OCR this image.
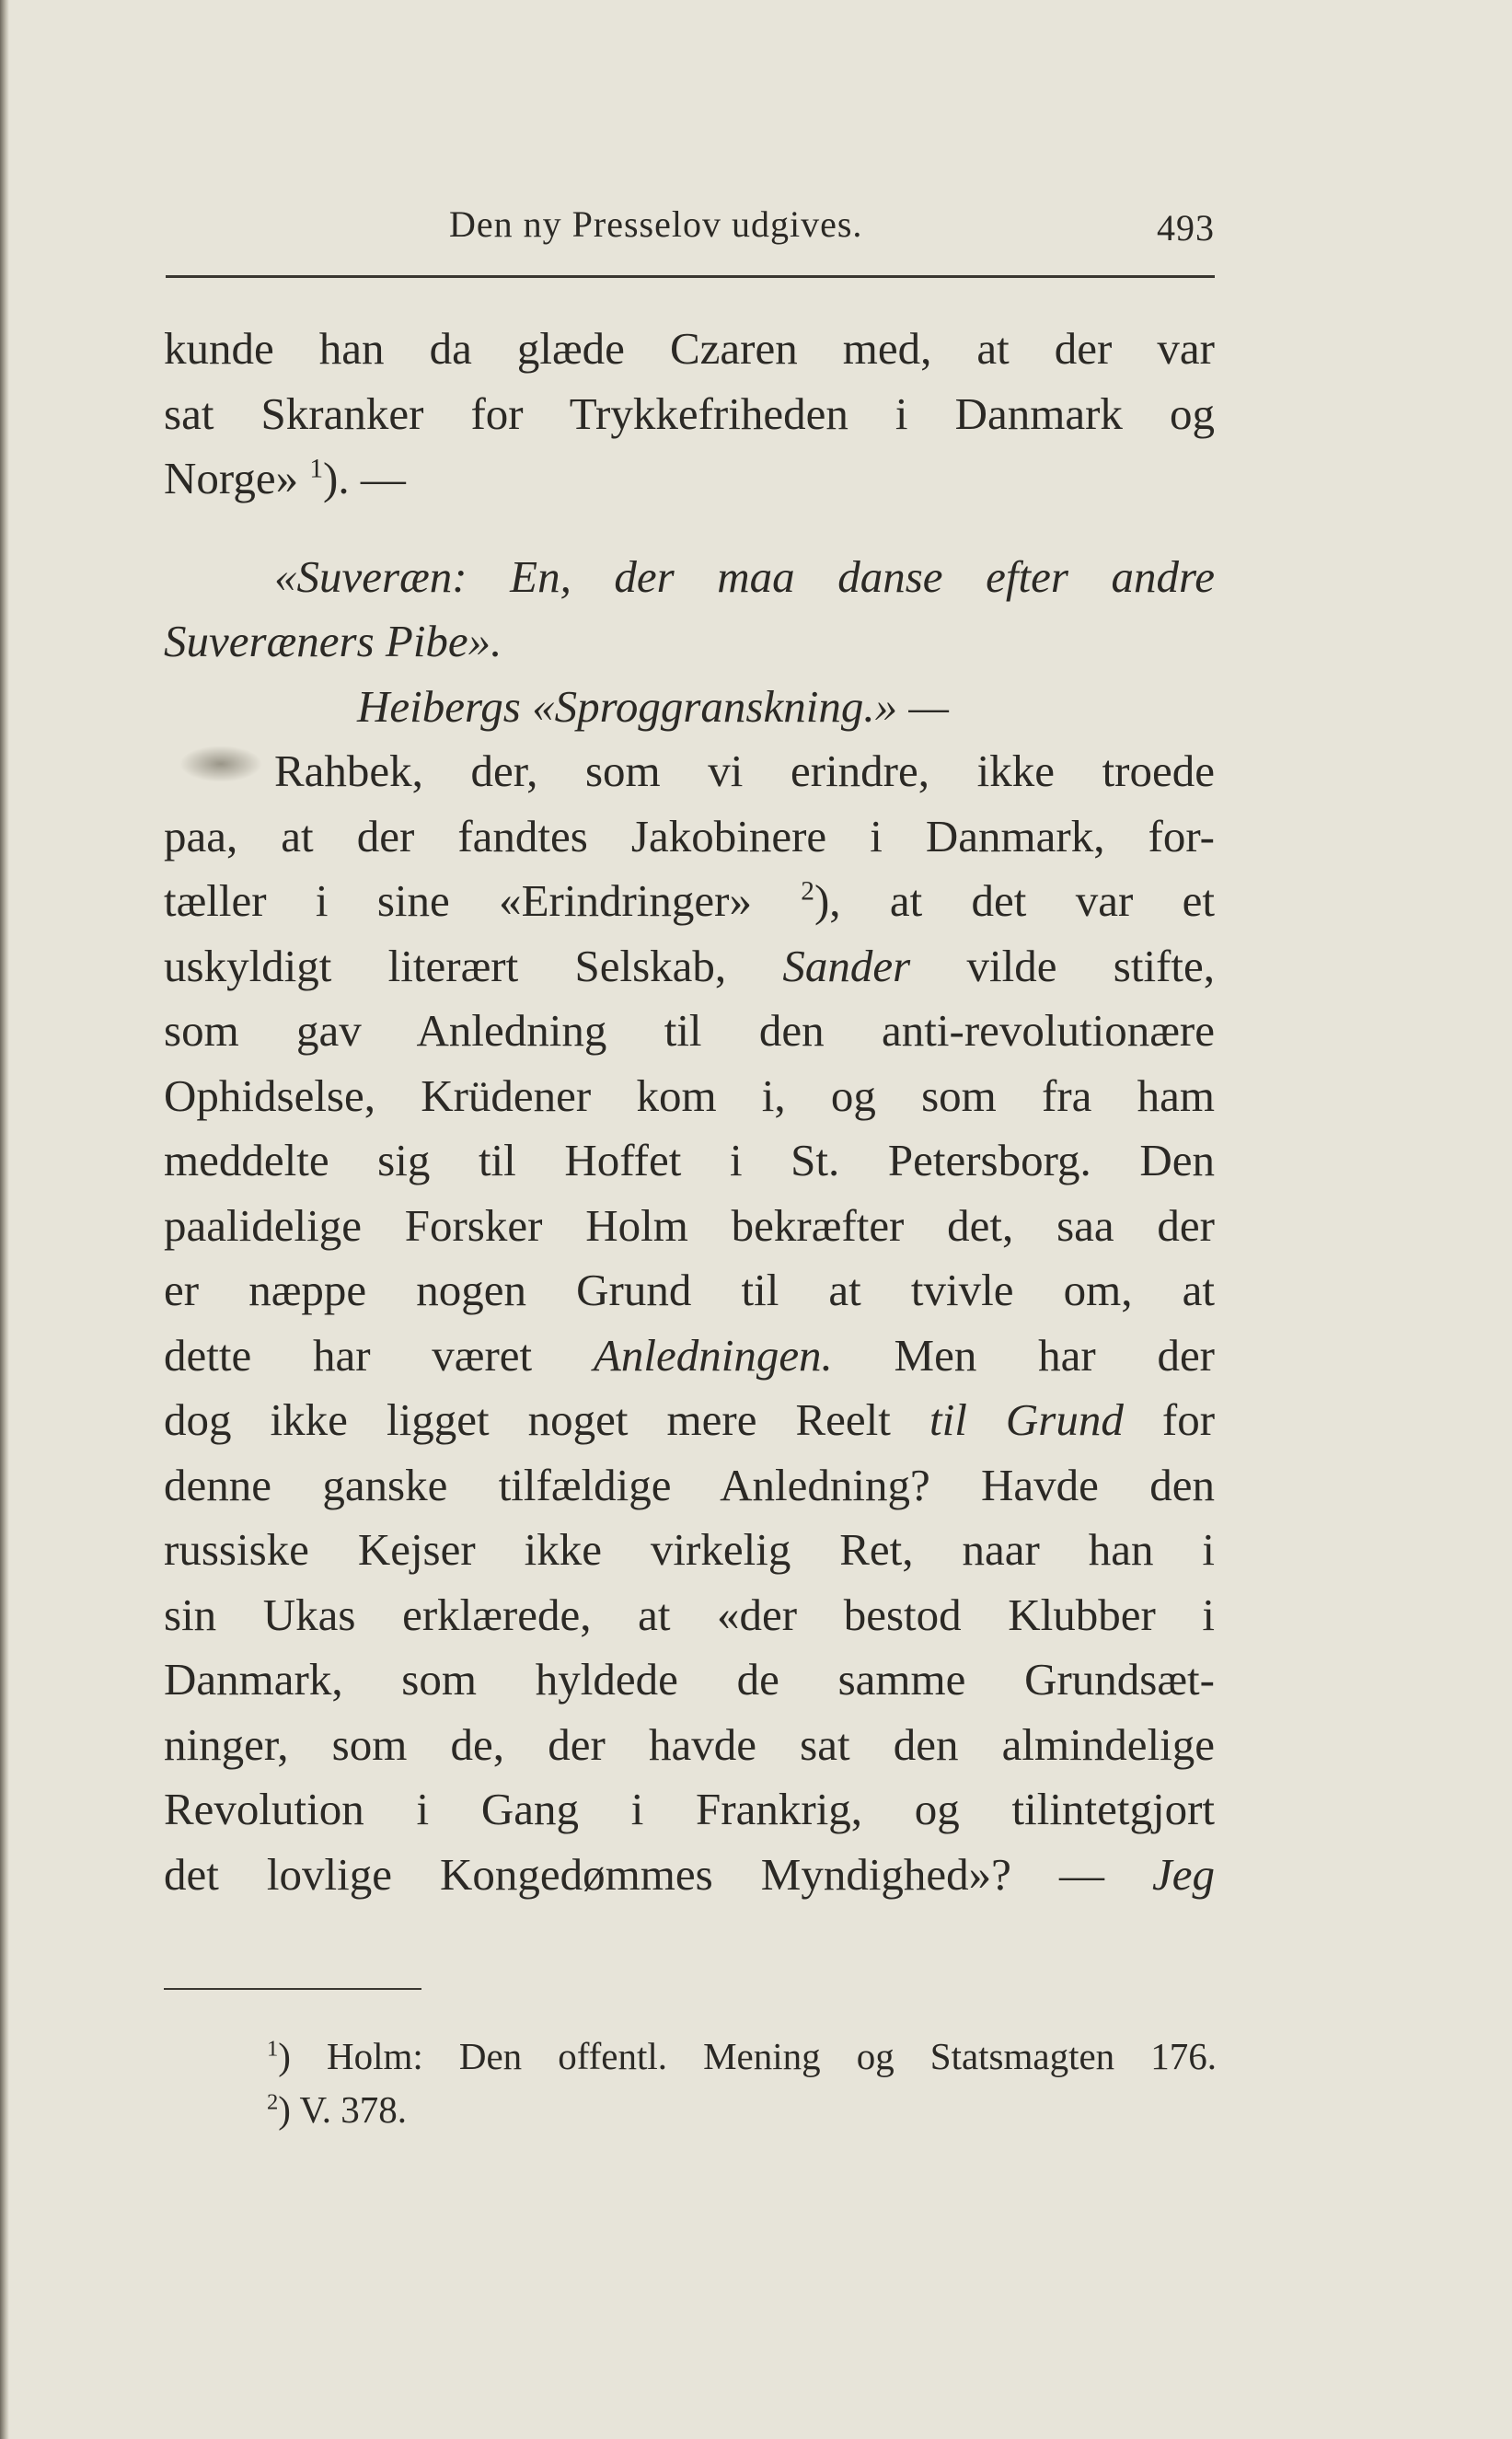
Den ny Presselov udgives.	493
kunde han da glæde Czaren med, at der var
sat Skranker for Trykkefriheden i Danmark og
Norge» $^1$). —
«Suveræn: En, der maa danse efter andre
Suveræners Pibe».
Heibergs «Sproggranskning.» —
Rahbek, der, som vi erindre, ikke troede
paa, at der fandtes Jakobinere i Danmark, for-
tæller i sine «Erindringer» $^2$), at det var et
uskyldigt literært Selskab, Sander vilde stifte,
som gav Anledning til den anti-revolutionære
Ophidselse, Krüdener kom i, og som fra ham
meddelte sig til Hoffet i St. Petersborg. Den
paalidelige Forsker Holm bekræfter det, saa der
er næppe nogen Grund til at tvivle om, at
dette har været Anledningen. Men har der
dog ikke ligget noget mere Reelt til Grund for
denne ganske tilfældige Anledning? Havde den
russiske Kejser ikke virkelig Ret, naar han i
sin Ukas erklærede, at «der bestod Klubber i
Danmark, som hyldede de samme Grundsæt-
ninger, som de, der havde sat den almindelige
Revolution i Gang i Frankrig, og tilintetgjort
det lovlige Kongedømmes Myndighed»? — Jeg
$^1$) Holm: Den offentl. Mening og Statsmagten 176.
$^2$) V. 378.
